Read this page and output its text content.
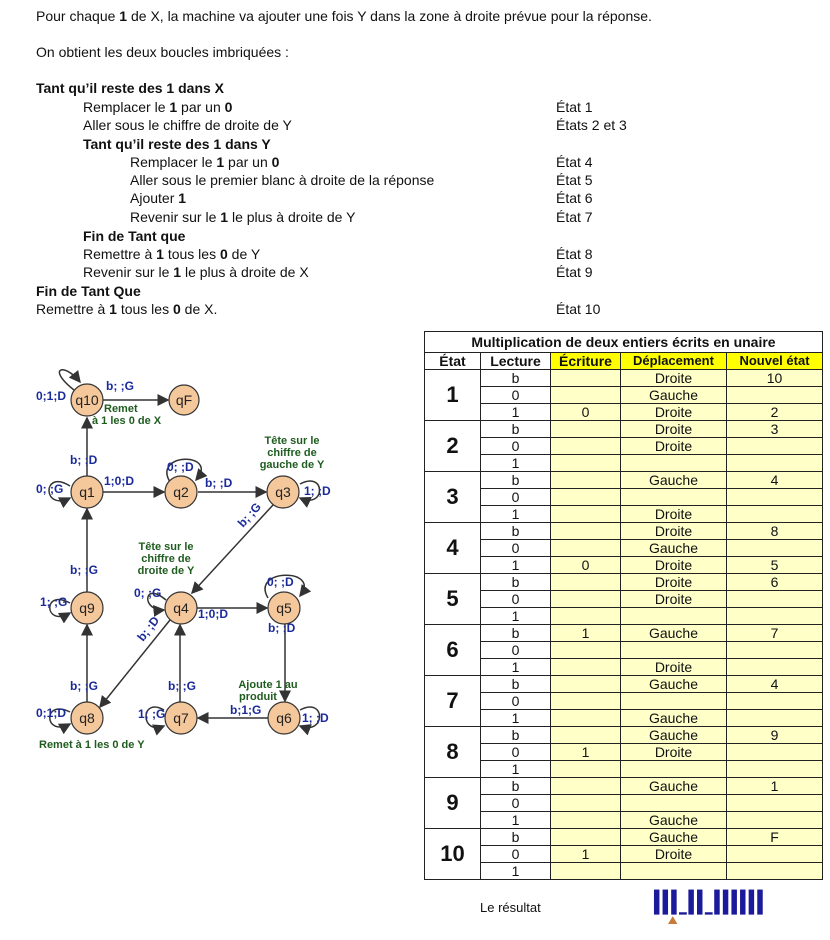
Pour chaque 1 de X, la machine va ajouter une fois Y dans la zone à droite prévue pour la réponse.
On obtient les deux boucles imbriquées :
Tant qu’il reste des 1 dans X
Remplacer le 1 par un 0	État 1
Aller sous le chiffre de droite de Y	États 2 et 3
Tant qu’il reste des 1 dans Y
Remplacer le 1 par un 0	État 4
Aller sous le premier blanc à droite de la réponse	État 5
Ajouter 1	État 6
Revenir sur le 1 le plus à droite de Y	État 7
Fin de Tant que
Remettre à 1 tous les 0 de Y	État 8
Revenir sur le 1 le plus à droite de X	État 9
Fin de Tant Que
Remettre à 1 tous les 0 de X.	État 10
q10	qF
q1	q2	q3
q9	q4	q5
q8	q7	q6
0;1;D
b; ;G
0; ;G
b; ;D
1;0;D
0; ;D
b; ;D
1; ;D
b; ;G
0; ;G
1;0;D
b; ;D
0; ;D
b; ;D
1; ;D
b;1;G
1; ;G
b; ;G
0;1;D
b; ;G
1; ;G
b; ;G
Remet
à 1 les 0 de X
Tête sur le
chiffre de
gauche de Y
Tête sur le
chiffre de
droite de Y
Ajoute 1 au
produit
Remet à 1 les 0 de Y
Multiplication de deux entiers écrits en unaire				
État	Lecture	Écriture	Déplacement	Nouvel état
1	b		Droite	10
	0		Gauche	
	1	0	Droite	2
2	b		Droite	3
	0		Droite	
	1			
3	b		Gauche	4
	0			
	1		Droite	
4	b		Droite	8
	0		Gauche	
	1	0	Droite	5
5	b		Droite	6
	0		Droite	
	1			
6	b	1	Gauche	7
	0			
	1		Droite	
7	b		Gauche	4
	0			
	1		Gauche	
8	b		Gauche	9
	0	1	Droite	
	1			
9	b		Gauche	1
	0			
	1		Gauche	
10	b		Gauche	F
	0	1	Droite	
	1			
Le résultat
